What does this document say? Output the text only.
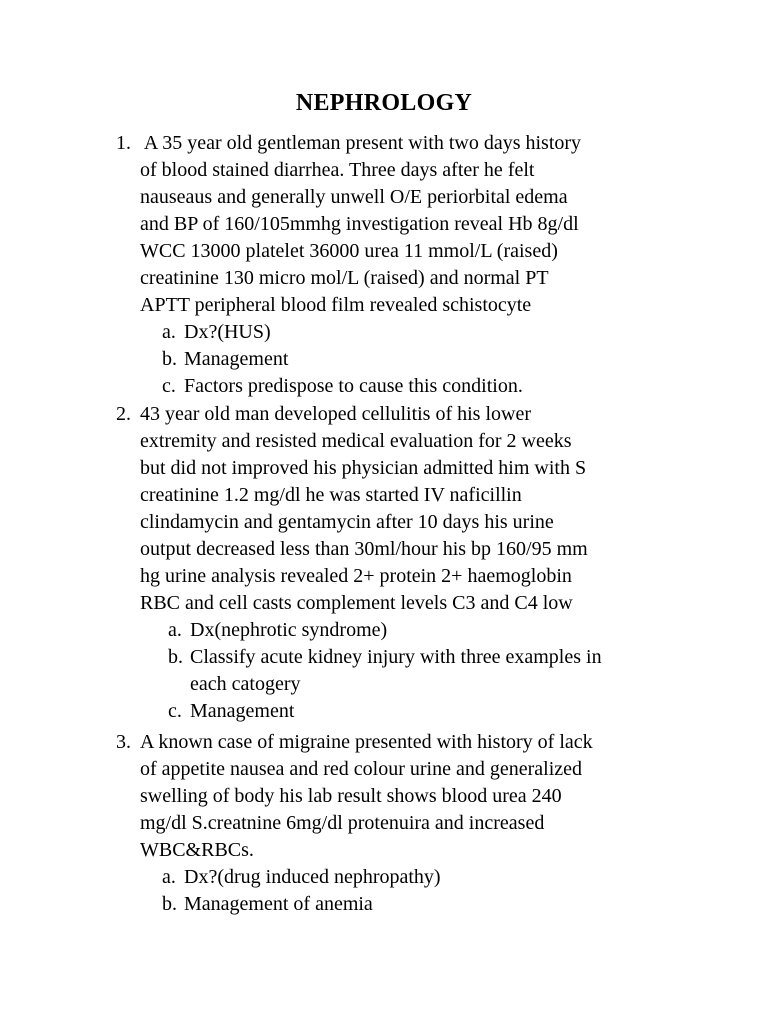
NEPHROLOGY
1. A 35 year old gentleman present with two days history
of blood stained diarrhea. Three days after he felt
nauseaus and generally unwell O/E periorbital edema
and BP of 160/105mmhg investigation reveal Hb 8g/dl
WCC 13000 platelet 36000 urea 11 mmol/L (raised)
creatinine 130 micro mol/L (raised) and normal PT
APTT peripheral blood film revealed schistocyte
a. Dx?(HUS)
b. Management
c. Factors predispose to cause this condition.
2. 43 year old man developed cellulitis of his lower
extremity and resisted medical evaluation for 2 weeks
but did not improved his physician admitted him with S
creatinine 1.2 mg/dl he was started IV naficillin
clindamycin and gentamycin after 10 days his urine
output decreased less than 30ml/hour his bp 160/95 mm
hg urine analysis revealed 2+ protein 2+ haemoglobin
RBC and cell casts complement levels C3 and C4 low
a. Dx(nephrotic syndrome)
b. Classify acute kidney injury with three examples in
each catogery
c. Management
3. A known case of migraine presented with history of lack
of appetite nausea and red colour urine and generalized
swelling of body his lab result shows blood urea 240
mg/dl S.creatnine 6mg/dl protenuira and increased
WBC&RBCs.
a. Dx?(drug induced nephropathy)
b. Management of anemia
